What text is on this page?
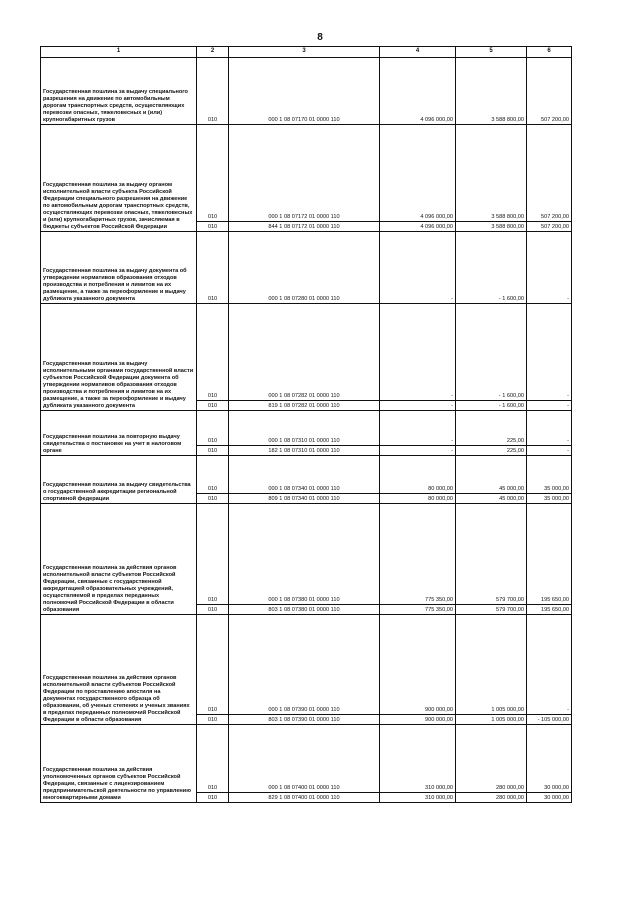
8
1	2	3	4	5	6
Государственная пошлина за выдачу специального разрешения на движение по автомобильным дорогам транспортных средств, осуществляющих перевозки опасных, тяжеловесных и (или) крупногабаритных грузов	010	000 1 08 07170 01 0000 110	4 096 000,00	3 588 800,00	507 200,00
Государственная пошлина за выдачу органом исполнительной власти субъекта Российской Федерации специального разрешения на движение по автомобильным дорогам транспортных средств, осуществляющих перевозки опасных, тяжеловесных и (или) крупногабаритных грузов, зачисляемая в бюджеты субъектов Российской Федерации	010	000 1 08 07172 01 0000 110	4 096 000,00	3 588 800,00	507 200,00
	010	844 1 08 07172 01 0000 110	4 096 000,00	3 588 800,00	507 200,00
Государственная пошлина за выдачу документа об утверждении нормативов образования отходов производства и потребления и лимитов на их размещение, а также за переоформление и выдачу дубликата указанного документа	010	000 1 08 07280 01 0000 110	-	- 1 600,00	-
Государственная пошлина за выдачу исполнительными органами государственной власти субъектов Российской Федерации документа об утверждении нормативов образования отходов производства и потребления и лимитов на их размещение, а также за переоформление и выдачу дубликата указанного документа	010	000 1 08 07282 01 0000 110	-	- 1 600,00	-
	010	819 1 08 07282 01 0000 110	-	- 1 600,00	-
Государственная пошлина за повторную выдачу свидетельства о постановке на учет в налоговом органе	010	000 1 08 07310 01 0000 110	-	225,00	-
	010	182 1 08 07310 01 0000 110	-	225,00	-
Государственная пошлина за выдачу свидетельства о государственной аккредитации региональной спортивной федерации	010	000 1 08 07340 01 0000 110	80 000,00	45 000,00	35 000,00
	010	809 1 08 07340 01 0000 110	80 000,00	45 000,00	35 000,00
Государственная пошлина за действия органов исполнительной власти субъектов Российской Федерации, связанные с государственной аккредитацией образовательных учреждений, осуществляемой в пределах переданных полномочий Российской Федерации в области образования	010	000 1 08 07380 01 0000 110	775 350,00	579 700,00	195 650,00
	010	803 1 08 07380 01 0000 110	775 350,00	579 700,00	195 650,00
Государственная пошлина за действия органов исполнительной власти субъектов Российской Федерации по проставлению апостиля на документах государственного образца об образовании, об ученых степенях и ученых званиях в пределах переданных полномочий Российской Федерации в области образования	010	000 1 08 07390 01 0000 110	900 000,00	1 005 000,00	-
	010	803 1 08 07390 01 0000 110	900 000,00	1 005 000,00	- 105 000,00
Государственная пошлина за действия уполномоченных органов субъектов Российской Федерации, связанные с лицензированием предпринимательской деятельности по управлению многоквартирными домами	010	000 1 08 07400 01 0000 110	310 000,00	280 000,00	30 000,00
	010	829 1 08 07400 01 0000 110	310 000,00	280 000,00	30 000,00
